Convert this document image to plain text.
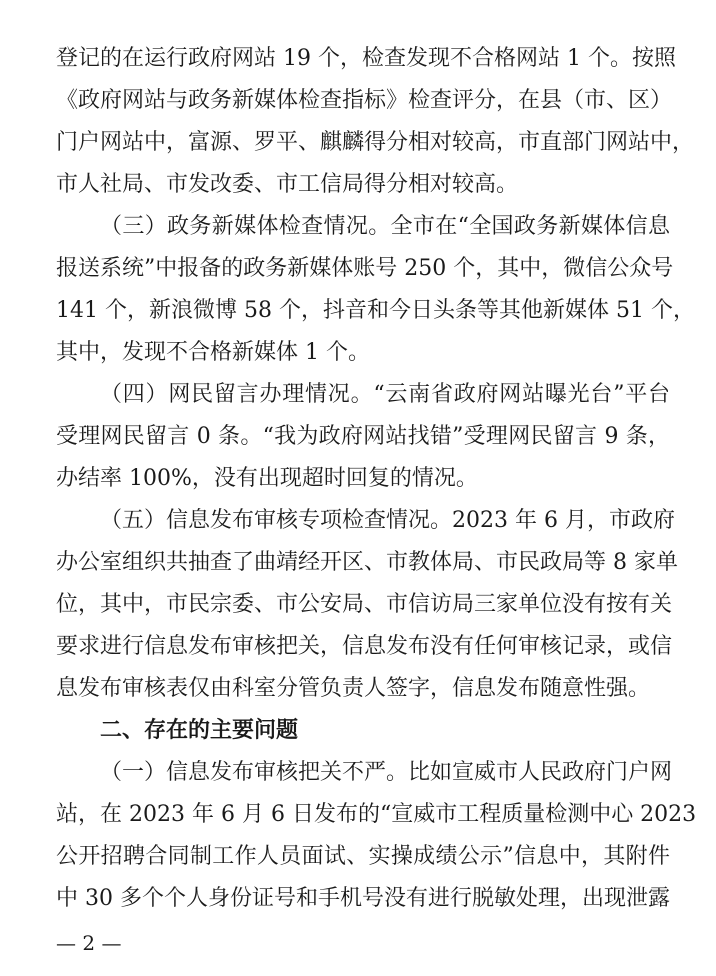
登记的在运行政府网站 19 个，检查发现不合格网站 1 个。按照
《政府网站与政务新媒体检查指标》检查评分，在县（市、区）
门户网站中，富源、罗平、麒麟得分相对较高，市直部门网站中，
市人社局、市发改委、市工信局得分相对较高。
（三）政务新媒体检查情况。全市在“全国政务新媒体信息
报送系统”中报备的政务新媒体账号 250 个，其中，微信公众号
141 个，新浪微博 58 个，抖音和今日头条等其他新媒体 51 个，
其中，发现不合格新媒体 1 个。
（四）网民留言办理情况。“云南省政府网站曝光台”平台
受理网民留言 0 条。“我为政府网站找错”受理网民留言 9 条，
办结率 100%，没有出现超时回复的情况。
（五）信息发布审核专项检查情况。2023 年 6 月，市政府
办公室组织共抽查了曲靖经开区、市教体局、市民政局等 8 家单
位，其中，市民宗委、市公安局、市信访局三家单位没有按有关
要求进行信息发布审核把关，信息发布没有任何审核记录，或信
息发布审核表仅由科室分管负责人签字，信息发布随意性强。
二、存在的主要问题
（一）信息发布审核把关不严。比如宣威市人民政府门户网
站，在 2023 年 6 月 6 日发布的“宣威市工程质量检测中心 2023
公开招聘合同制工作人员面试、实操成绩公示”信息中，其附件
中 30 多个个人身份证号和手机号没有进行脱敏处理，出现泄露
— 2 —
